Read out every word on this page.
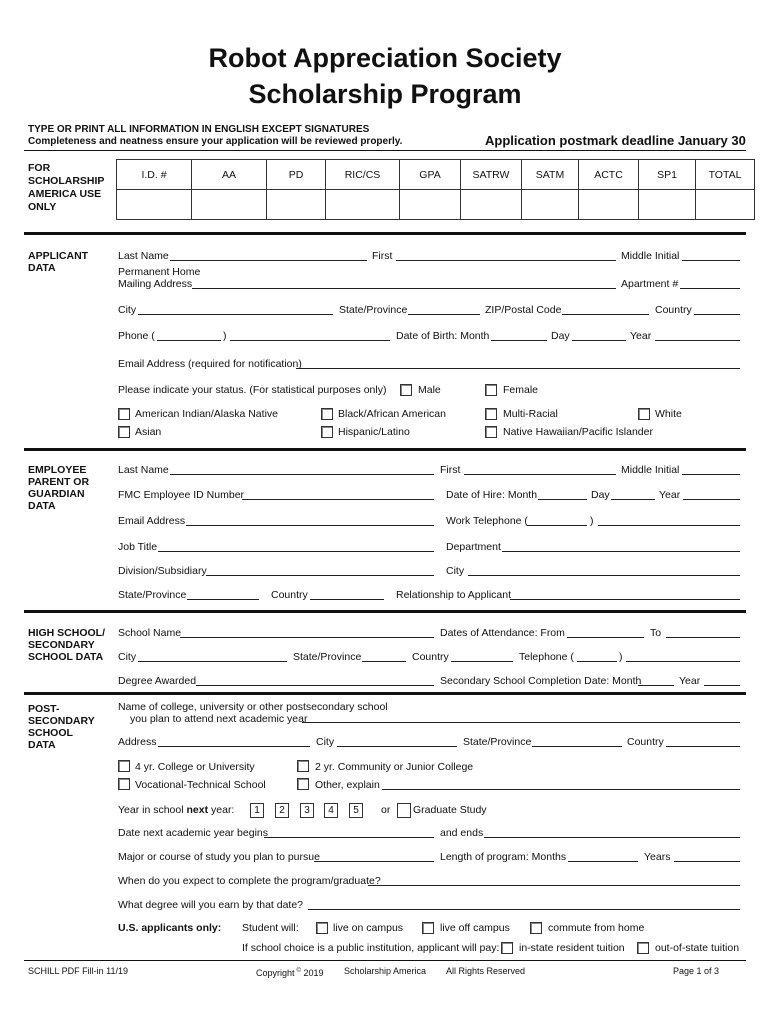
Robot Appreciation Society
Scholarship Program
TYPE OR PRINT ALL INFORMATION IN ENGLISH EXCEPT SIGNATURES
Completeness and neatness ensure your application will be reviewed properly.	Application postmark deadline January 30
FOR SCHOLARSHIP AMERICA USE ONLY
I.D. #	AA	PD	RIC/CS	GPA	SATRW	SATM	ACTC	SP1	TOTAL

APPLICANT DATA
Last Name	First	Middle Initial
Permanent Home
Mailing Address	Apartment #
City	State/Province	ZIP/Postal Code	Country
Phone (	)	Date of Birth: Month	Day	Year
Email Address (required for notification)
Please indicate your status. (For statistical purposes only)	Male	Female
American Indian/Alaska Native	Black/African American	Multi-Racial	White
Asian	Hispanic/Latino	Native Hawaiian/Pacific Islander
EMPLOYEE PARENT OR GUARDIAN DATA
Last Name	First	Middle Initial
FMC Employee ID Number	Date of Hire: Month	Day	Year
Email Address	Work Telephone (	)
Job Title	Department
Division/Subsidiary	City
State/Province	Country	Relationship to Applicant
HIGH SCHOOL/ SECONDARY SCHOOL DATA
School Name	Dates of Attendance: From	To
City	State/Province	Country	Telephone (	)
Degree Awarded	Secondary School Completion Date: Month	Year
POST- SECONDARY SCHOOL DATA
Name of college, university or other postsecondary school
you plan to attend next academic year
Address	City	State/Province	Country
4 yr. College or University	2 yr. Community or Junior College
Vocational-Technical School	Other, explain
Year in school next year:	1	2	3	4	5	or Graduate Study
Date next academic year begins	and ends
Major or course of study you plan to pursue	Length of program: Months	Years
When do you expect to complete the program/graduate?
What degree will you earn by that date?
U.S. applicants only: Student will:	live on campus	live off campus	commute from home
If school choice is a public institution, applicant will pay: in-state resident tuition	out-of-state tuition
SCHILL PDF Fill-in 11/19	Copyright © 2019 Scholarship America All Rights Reserved	Page 1 of 3
